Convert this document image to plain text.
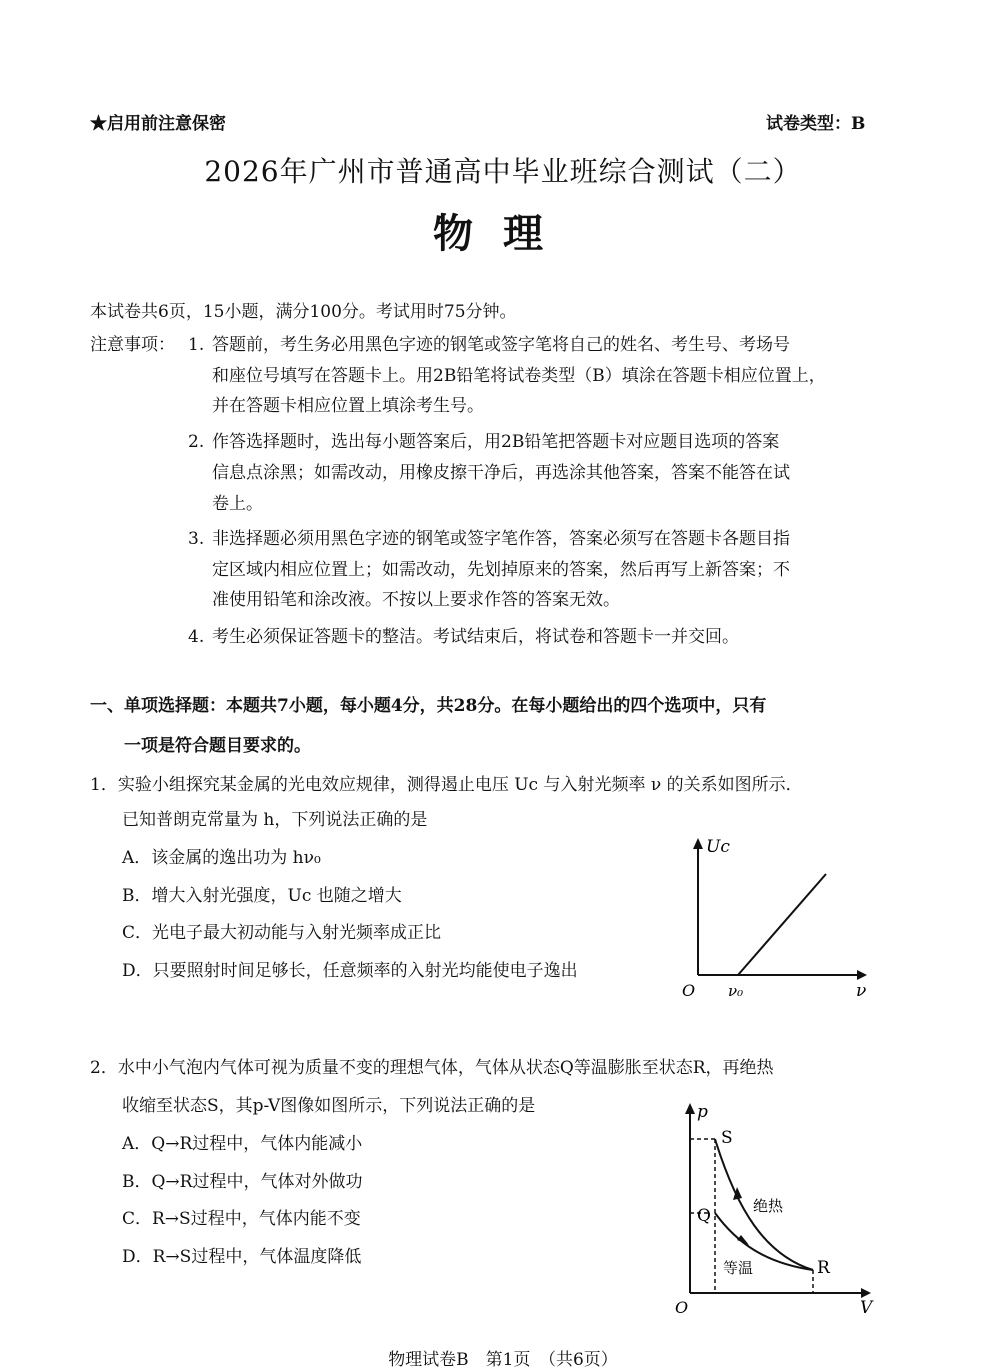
★启用前注意保密	试卷类型：B
2026年广州市普通高中毕业班综合测试（二）
物理
本试卷共6页，15小题，满分100分。考试用时75分钟。
注意事项： 1. 答题前，考生务必用黑色字迹的钢笔或签字笔将自己的姓名、考生号、考场号
和座位号填写在答题卡上。用2B铅笔将试卷类型（B）填涂在答题卡相应位置上，
并在答题卡相应位置上填涂考生号。
2. 作答选择题时，选出每小题答案后，用2B铅笔把答题卡对应题目选项的答案
信息点涂黑；如需改动，用橡皮擦干净后，再选涂其他答案，答案不能答在试
卷上。
3. 非选择题必须用黑色字迹的钢笔或签字笔作答，答案必须写在答题卡各题目指
定区域内相应位置上；如需改动，先划掉原来的答案，然后再写上新答案；不
准使用铅笔和涂改液。不按以上要求作答的答案无效。
4. 考生必须保证答题卡的整洁。考试结束后，将试卷和答题卡一并交回。
一、单项选择题：本题共7小题，每小题4分，共28分。在每小题给出的四个选项中，只有
一项是符合题目要求的。
1．实验小组探究某金属的光电效应规律，测得遏止电压 Uc 与入射光频率 ν 的关系如图所示．
已知普朗克常量为 h，下列说法正确的是
A．该金属的逸出功为 hν₀
B．增大入射光强度，Uc 也随之增大
C．光电子最大初动能与入射光频率成正比
D．只要照射时间足够长，任意频率的入射光均能使电子逸出
Uc
ν
O ν₀
2．水中小气泡内气体可视为质量不变的理想气体，气体从状态Q等温膨胀至状态R，再绝热
收缩至状态S，其p-V图像如图所示，下列说法正确的是
A．Q→R过程中，气体内能减小
B．Q→R过程中，气体对外做功
C．R→S过程中，气体内能不变
D．R→S过程中，气体温度降低
S
Q
R
绝热
等温
p
V
O
物理试卷B　第1页　（共6页）
